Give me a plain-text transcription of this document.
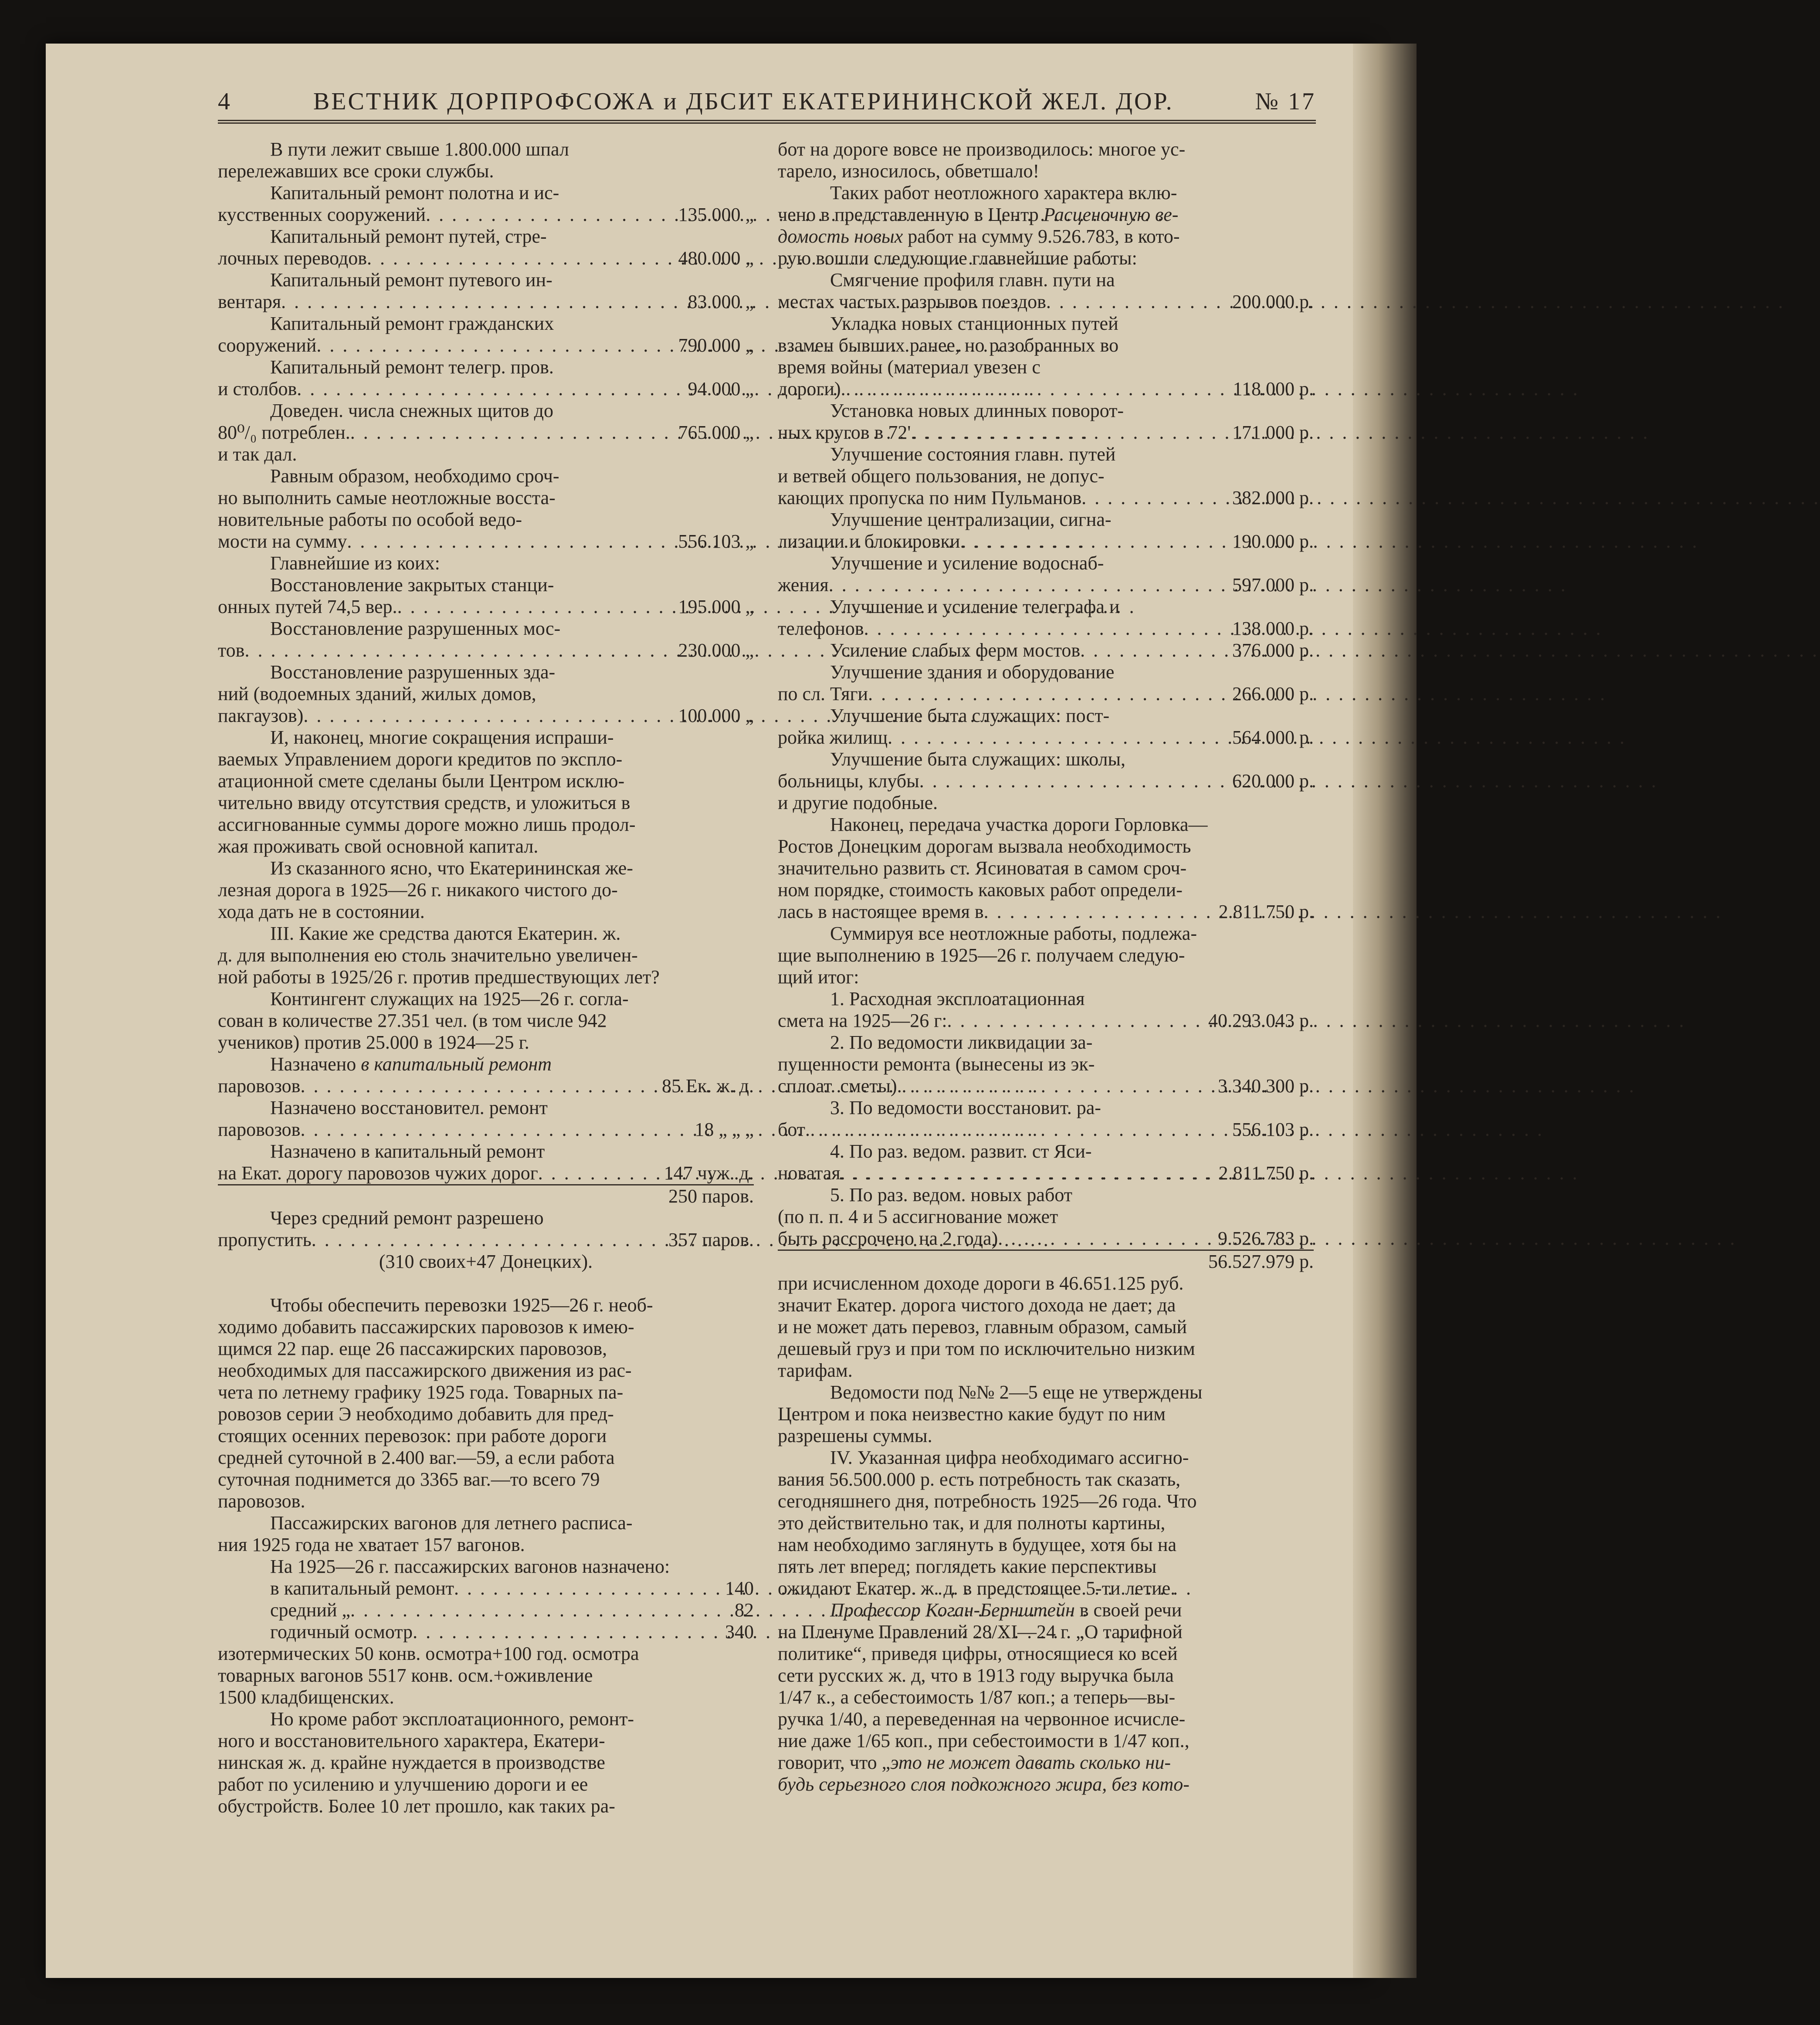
4	ВЕСТНИК ДОРПРОФСОЖА и ДБСИТ ЕКАТЕРИНИНСКОЙ ЖЕЛ. ДОР.	№ 17
В пути лежит свыше 1.800.000 шпал
перележавших все сроки службы.
Капитальный ремонт полотна и ис-
кусственных сооружений . . .	135.000 „
Капитальный ремонт путей, стре-
лочных переводов . . .	480.000 „
Капитальный ремонт путевого ин-
вентаря . . .	83.000 „
Капитальный ремонт гражданских
сооружений . . .	790.000 „
Капитальный ремонт телегр. пров.
и столбов . . .	94.000 „
Доведен. числа снежных щитов до
80⁰/₀ потреблен. . . .	765.000 „
и так дал.
Равным образом, необходимо сроч-
но выполнить самые неотложные восста-
новительные работы по особой ведо-
мости на сумму . . .	556.103 „
Главнейшие из коих:
Восстановление закрытых станци-
онных путей 74,5 вер. . . .	195.000 „
Восстановление разрушенных мос-
тов . . .	230.000 „
Восстановление разрушенных зда-
ний (водоемных зданий, жилых домов,
пакгаузов) . . .	100.000 „
И, наконец, многие сокращения испраши-
ваемых Управлением дороги кредитов по экспло-
атационной смете сделаны были Центром исклю-
чительно ввиду отсутствия средств, и уложиться в
ассигнованные суммы дороге можно лишь продол-
жая проживать свой основной капитал.
Из сказанного ясно, что Екатерининская же-
лезная дорога в 1925—26 г. никакого чистого до-
хода дать не в состоянии.
III. Какие же средства даются Екатерин. ж.
д. для выполнения ею столь значительно увеличен-
ной работы в 1925/26 г. против предшествующих лет?
Контингент служащих на 1925—26 г. согла-
сован в количестве 27.351 чел. (в том числе 942
учеников) против 25.000 в 1924—25 г.
Назначено в капитальный ремонт
паровозов . . .	85 Ек. ж. д.
Назначено восстановител. ремонт
паровозов . . .	18 „ „ „
Назначено в капитальный ремонт
на Екат. дорогу паровозов чужих дорог . . .	147 чуж. д.
250 паров.
Через средний ремонт разрешено
пропустить . . .	357 паров.
(310 своих+47 Донецких).
Чтобы обеспечить перевозки 1925—26 г. необ-
ходимо добавить пассажирских паровозов к имею-
щимся 22 пар. еще 26 пассажирских паровозов,
необходимых для пассажирского движения из рас-
чета по летнему графику 1925 года. Товарных па-
ровозов серии Э необходимо добавить для пред-
стоящих осенних перевозок: при работе дороги
средней суточной в 2.400 ваг.—59, а если работа
суточная поднимется до 3365 ваг.—то всего 79
паровозов.
Пассажирских вагонов для летнего расписа-
ния 1925 года не хватает 157 вагонов.
На 1925—26 г. пассажирских вагонов назначено:
в капитальный ремонт . . .	140
средний „ . . .	82
годичный осмотр . . .	340
изотермических 50 конв. осмотра+100 год. осмотра
товарных вагонов 5517 конв. осм.+оживление
1500 кладбищенских.
Но кроме работ эксплоатационного, ремонт-
ного и восстановительного характера, Екатери-
нинская ж. д. крайне нуждается в производстве
работ по усилению и улучшению дороги и ее
обустройств. Более 10 лет прошло, как таких ра-
бот на дороге вовсе не производилось: многое ус-
тарело, износилось, обветшало!
Таких работ неотложного характера вклю-
чено в представленную в Центр Расценочную ве-
домость новых работ на сумму 9.526.783, в кото-
рую вошли следующие главнейшие работы:
Смягчение профиля главн. пути на
местах частых разрывов поездов . . .	200.000 р.
Укладка новых станционных путей
взамен бывших ранее, но разобранных во
время войны (материал увезен с
дороги) . . .	118.000 р.
Установка новых длинных поворот-
ных кругов в 72' . . .	171.000 р.
Улучшение состояния главн. путей
и ветвей общего пользования, не допус-
кающих пропуска по ним Пульманов . . .	382.000 р.
Улучшение централизации, сигна-
лизации и блокировки . . .	190.000 р.
Улучшение и усиление водоснаб-
жения . . .	597.000 р.
Улучшение и усиление телеграфа и
телефонов . . .	138.000 р.
Усиление слабых ферм мостов . . .	376.000 р.
Улучшение здания и оборудование
по сл. Тяги . . .	266.000 р.
Улучшение быта служащих: пост-
ройка жилищ . . .	564.000 р.
Улучшение быта служащих: школы,
больницы, клубы . . .	620.000 р.
и другие подобные.
Наконец, передача участка дороги Горловка—
Ростов Донецким дорогам вызвала необходимость
значительно развить ст. Ясиноватая в самом сроч-
ном порядке, стоимость каковых работ определи-
лась в настоящее время в . . .	2.811.750 р.
Суммируя все неотложные работы, подлежа-
щие выполнению в 1925—26 г. получаем следую-
щий итог:
1. Расходная эксплоатационная
смета на 1925—26 г: . . .	40.293.043 р.
2. По ведомости ликвидации за-
пущенности ремонта (вынесены из эк-
сплоат. сметы) . . .	3.340.300 р.
3. По ведомости восстановит. ра-
бот . . .	556.103 р.
4. По раз. ведом. развит. ст Яси-
новатая . . .	2.811.750 р.
5. По раз. ведом. новых работ
(по п. п. 4 и 5 ассигнование может
быть рассрочено на 2 года) . . .	9.526.783 р.
56.527.979 р.
при исчисленном доходе дороги в 46.651.125 руб.
значит Екатер. дорога чистого дохода не дает; да
и не может дать перевоз, главным образом, самый
дешевый груз и при том по исключительно низким
тарифам.
Ведомости под №№ 2—5 еще не утверждены
Центром и пока неизвестно какие будут по ним
разрешены суммы.
IV. Указанная цифра необходимаго ассигно-
вания 56.500.000 р. есть потребность так сказать,
сегодняшнего дня, потребность 1925—26 года. Что
это действительно так, и для полноты картины,
нам необходимо заглянуть в будущее, хотя бы на
пять лет вперед; поглядеть какие перспективы
ожидают Екатер. ж. д. в предстоящее 5-ти летие.
Профессор Коган-Бернштейн в своей речи
на Пленуме Правлений 28/XI—24 г. „О тарифной
политике“, приведя цифры, относящиеся ко всей
сети русских ж. д, что в 1913 году выручка была
1/47 к., а себестоимость 1/87 коп.; а теперь—вы-
ручка 1/40, а переведенная на червонное исчисле-
ние даже 1/65 коп., при себестоимости в 1/47 коп.,
говорит, что „это не может давать сколько ни-
будь серьезного слоя подкожного жира, без кото-
